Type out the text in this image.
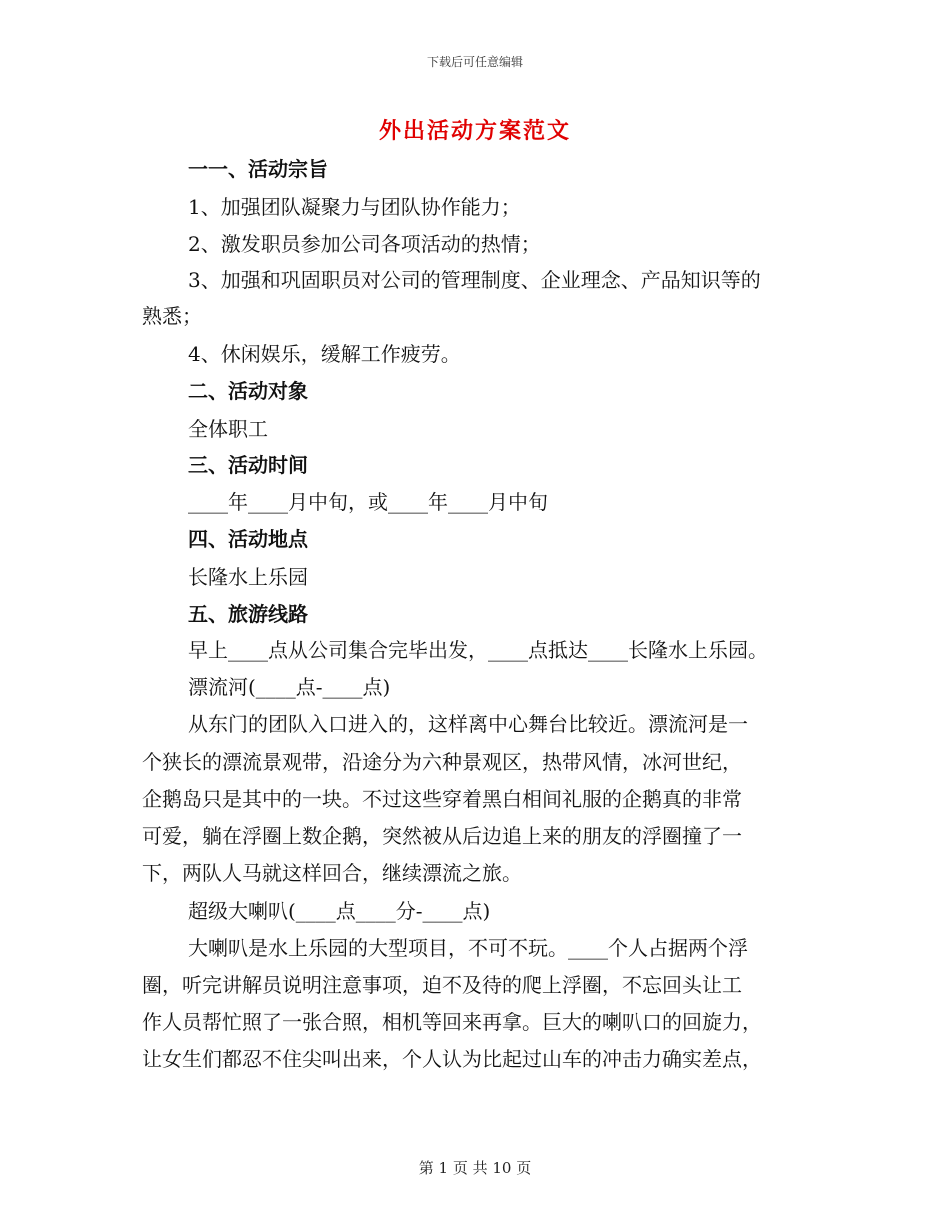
下载后可任意编辑
外出活动方案范文
一一、活动宗旨
1、加强团队凝聚力与团队协作能力；
2、激发职员参加公司各项活动的热情；
3、加强和巩固职员对公司的管理制度、企业理念、产品知识等的
熟悉；
4、休闲娱乐，缓解工作疲劳。
二、活动对象
全体职工
三、活动时间
____年____月中旬，或____年____月中旬
四、活动地点
长隆水上乐园
五、旅游线路
早上____点从公司集合完毕出发，____点抵达____长隆水上乐园。
漂流河(____点-____点)
从东门的团队入口进入的，这样离中心舞台比较近。漂流河是一
个狭长的漂流景观带，沿途分为六种景观区，热带风情，冰河世纪，
企鹅岛只是其中的一块。不过这些穿着黑白相间礼服的企鹅真的非常
可爱，躺在浮圈上数企鹅，突然被从后边追上来的朋友的浮圈撞了一
下，两队人马就这样回合，继续漂流之旅。
超级大喇叭(____点____分-____点)
大喇叭是水上乐园的大型项目，不可不玩。____个人占据两个浮
圈，听完讲解员说明注意事项，迫不及待的爬上浮圈，不忘回头让工
作人员帮忙照了一张合照，相机等回来再拿。巨大的喇叭口的回旋力，
让女生们都忍不住尖叫出来，个人认为比起过山车的冲击力确实差点，
第 1 页 共 10 页
